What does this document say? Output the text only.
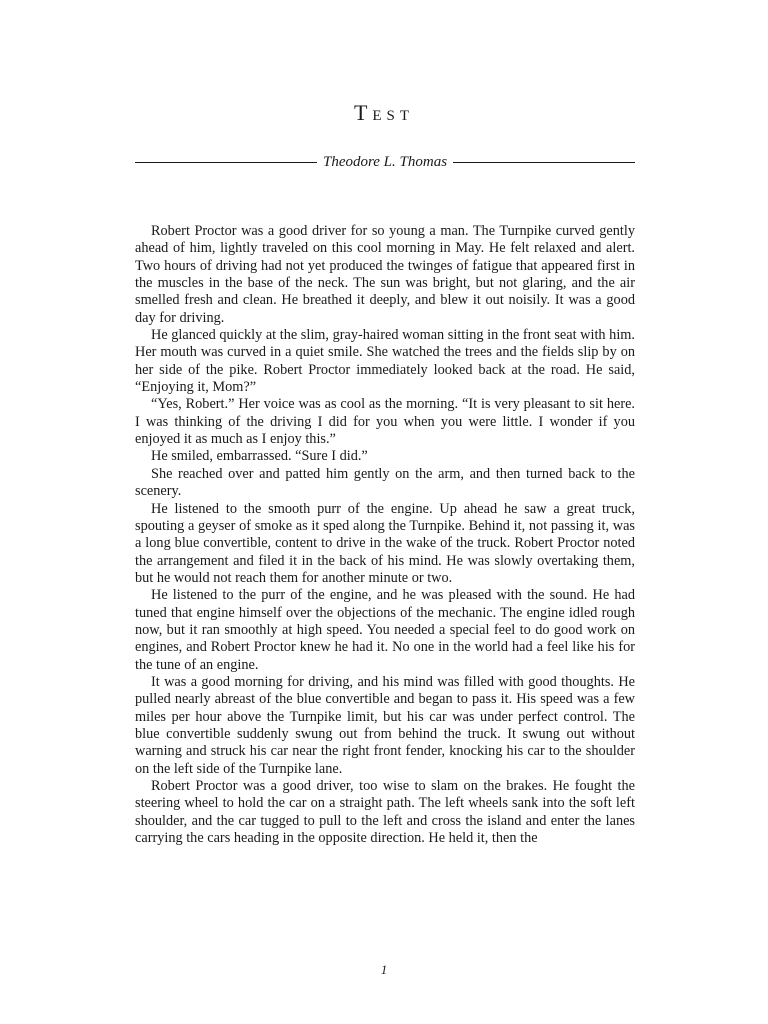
Test
Theodore L. Thomas

Robert Proctor was a good driver for so young a man. The Turnpike curved gently ahead of him, lightly traveled on this cool morning in May. He felt relaxed and alert. Two hours of driving had not yet produced the twinges of fatigue that appeared first in the muscles in the base of the neck. The sun was bright, but not glaring, and the air smelled fresh and clean. He breathed it deeply, and blew it out noisily. It was a good day for driving.

He glanced quickly at the slim, gray-haired woman sitting in the front seat with him. Her mouth was curved in a quiet smile. She watched the trees and the fields slip by on her side of the pike. Robert Proctor immediately looked back at the road. He said, “Enjoying it, Mom?”

“Yes, Robert.” Her voice was as cool as the morning. “It is very pleasant to sit here. I was thinking of the driving I did for you when you were little. I wonder if you enjoyed it as much as I enjoy this.”

He smiled, embarrassed. “Sure I did.”

She reached over and patted him gently on the arm, and then turned back to the scenery.

He listened to the smooth purr of the engine. Up ahead he saw a great truck, spouting a geyser of smoke as it sped along the Turnpike. Behind it, not passing it, was a long blue convertible, content to drive in the wake of the truck. Robert Proctor noted the arrangement and filed it in the back of his mind. He was slowly overtaking them, but he would not reach them for another minute or two.

He listened to the purr of the engine, and he was pleased with the sound. He had tuned that engine himself over the objections of the mechanic. The engine idled rough now, but it ran smoothly at high speed. You needed a special feel to do good work on engines, and Robert Proctor knew he had it. No one in the world had a feel like his for the tune of an engine.

It was a good morning for driving, and his mind was filled with good thoughts. He pulled nearly abreast of the blue convertible and began to pass it. His speed was a few miles per hour above the Turnpike limit, but his car was under perfect control. The blue convertible suddenly swung out from behind the truck. It swung out without warning and struck his car near the right front fender, knocking his car to the shoulder on the left side of the Turnpike lane.

Robert Proctor was a good driver, too wise to slam on the brakes. He fought the steering wheel to hold the car on a straight path. The left wheels sank into the soft left shoulder, and the car tugged to pull to the left and cross the island and enter the lanes carrying the cars heading in the opposite direction. He held it, then the

1
